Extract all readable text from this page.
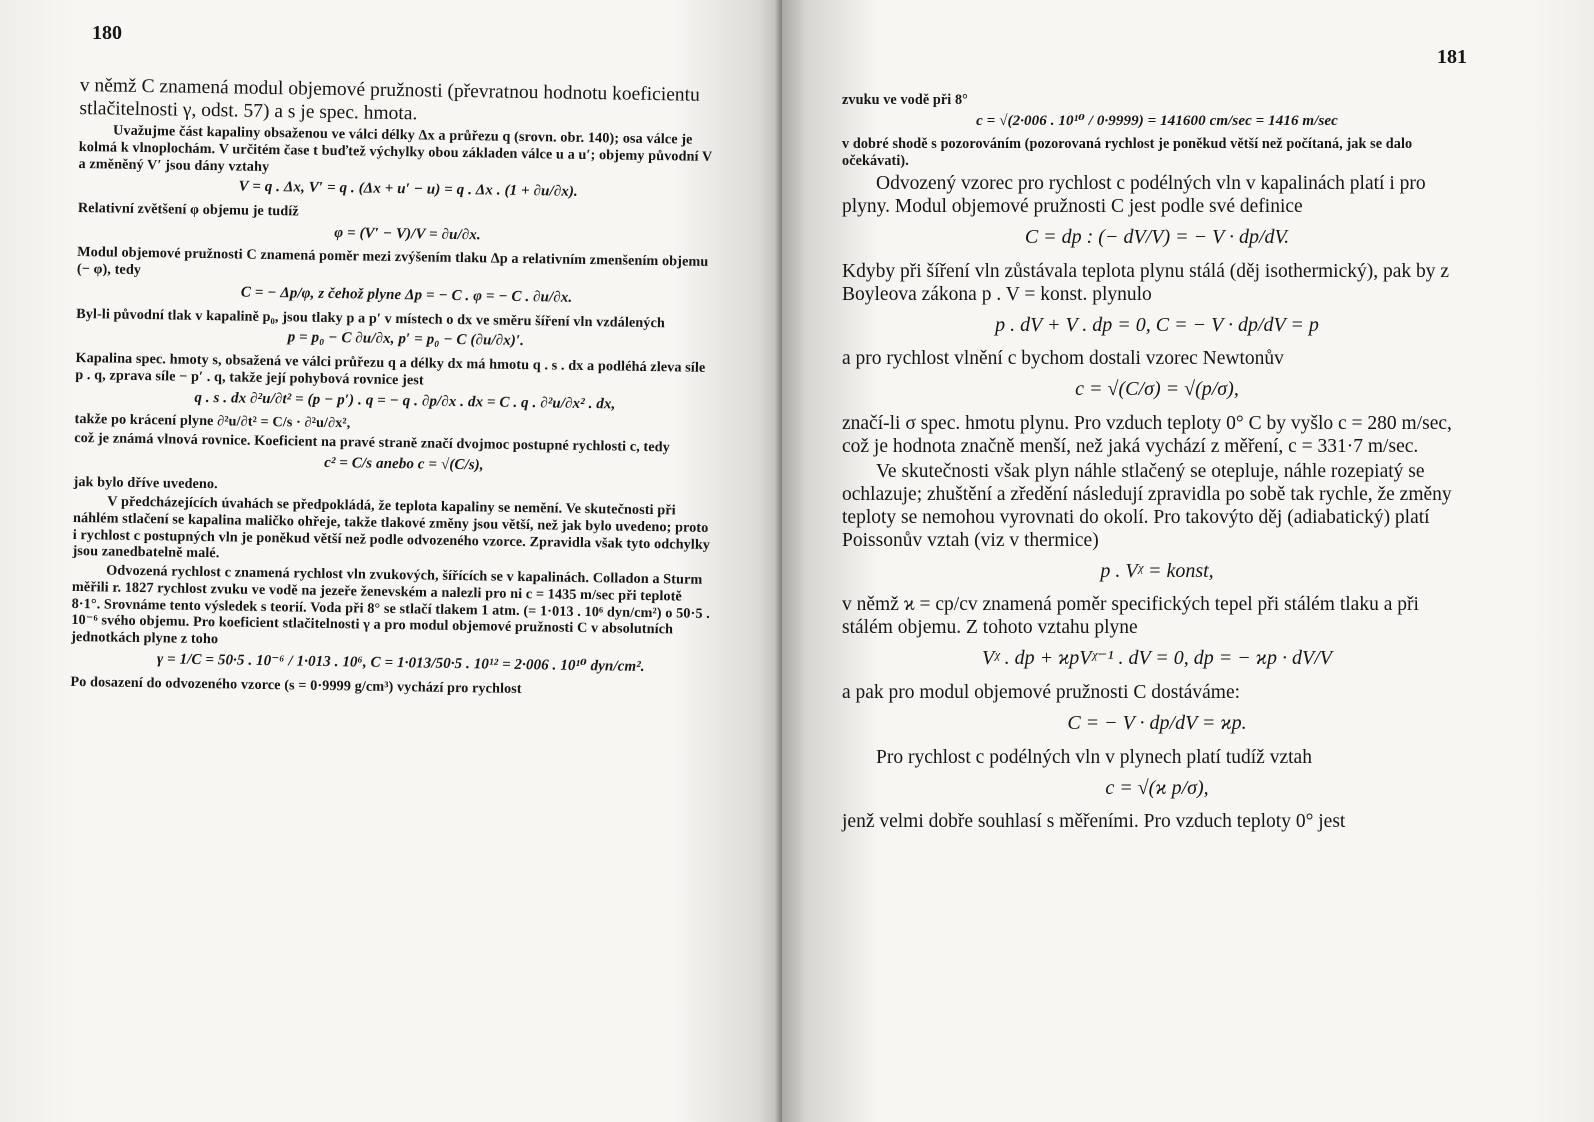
180

v němž C znamená modul objemové pružnosti (převratnou hodnotu koeficientu stlačitelnosti γ, odst. 57) a s je spec. hmota.

Uvažujme část kapaliny obsaženou ve válci délky Δx a průřezu q (srovn. obr. 140); osa válce je kolmá k vlnoplochám. V určitém čase t buďtež výchylky obou základen válce u a u′; objemy původní V a změněný V′ jsou dány vztahy

V = q . Δx, V′ = q . (Δx + u′ − u) = q . Δx . (1 + ∂u/∂x).

Relativní zvětšení φ objemu je tudíž

φ = (V′ − V)/V = ∂u/∂x.

Modul objemové pružnosti C znamená poměr mezi zvýšením tlaku Δp a relativním zmenšením objemu (− φ), tedy

C = − Δp/φ, z čehož plyne Δp = − C . φ = − C . ∂u/∂x.

Byl-li původní tlak v kapalině p₀, jsou tlaky p a p′ v místech o dx ve směru šíření vln vzdálených

p = p₀ − C ∂u/∂x, p′ = p₀ − C (∂u/∂x)′.

Kapalina spec. hmoty s, obsažená ve válci průřezu q a délky dx má hmotu q . s . dx a podléhá zleva síle p . q, zprava síle − p′ . q, takže její pohybová rovnice jest

q . s . dx ∂²u/∂t² = (p − p′) . q = − q . ∂p/∂x . dx = C . q . ∂²u/∂x² . dx,

takže po krácení plyne ∂²u/∂t² = C/s · ∂²u/∂x²,

což je známá vlnová rovnice. Koeficient na pravé straně značí dvojmoc postupné rychlosti c, tedy

c² = C/s anebo c = √(C/s),

jak bylo dříve uvedeno.

V předcházejících úvahách se předpokládá, že teplota kapaliny se nemění. Ve skutečnosti při náhlém stlačení se kapalina maličko ohřeje, takže tlakové změny jsou větší, než jak bylo uvedeno; proto i rychlost c postupných vln je poněkud větší než podle odvozeného vzorce. Zpravidla však tyto odchylky jsou zanedbatelně malé.

Odvozená rychlost c znamená rychlost vln zvukových, šířících se v kapalinách. Colladon a Sturm měřili r. 1827 rychlost zvuku ve vodě na jezeře ženevském a nalezli pro ni c = 1435 m/sec při teplotě 8·1°. Srovnáme tento výsledek s teorií. Voda při 8° se stlačí tlakem 1 atm. (= 1·013 . 10⁶ dyn/cm²) o 50·5 . 10⁻⁶ svého objemu. Pro koeficient stlačitelnosti γ a pro modul objemové pružnosti C v absolutních jednotkách plyne z toho

γ = 1/C = 50·5 . 10⁻⁶ / 1·013 . 10⁶, C = 1·013/50·5 . 10¹² = 2·006 . 10¹⁰ dyn/cm².

Po dosazení do odvozeného vzorce (s = 0·9999 g/cm³) vychází pro rychlost

181

zvuku ve vodě při 8°

c = √(2·006 . 10¹⁰ / 0·9999) = 141600 cm/sec = 1416 m/sec

v dobré shodě s pozorováním (pozorovaná rychlost je poněkud větší než počítaná, jak se dalo očekávati).

Odvozený vzorec pro rychlost c podélných vln v kapalinách platí i pro plyny. Modul objemové pružnosti C jest podle své definice

C = dp : (− dV/V) = − V · dp/dV.

Kdyby při šíření vln zůstávala teplota plynu stálá (děj isothermický), pak by z Boyleova zákona p . V = konst. plynulo

p . dV + V . dp = 0, C = − V · dp/dV = p

a pro rychlost vlnění c bychom dostali vzorec Newtonův

c = √(C/σ) = √(p/σ),

značí-li σ spec. hmotu plynu. Pro vzduch teploty 0° C by vyšlo c = 280 m/sec, což je hodnota značně menší, než jaká vychází z měření, c = 331·7 m/sec.

Ve skutečnosti však plyn náhle stlačený se otepluje, náhle rozepiatý se ochlazuje; zhuštění a zředění následují zpravidla po sobě tak rychle, že změny teploty se nemohou vyrovnati do okolí. Pro takovýto děj (adiabatický) platí Poissonův vztah (viz v thermice)

p . Vᵡ = konst,

v němž ϰ = cp/cv znamená poměr specifických tepel při stálém tlaku a při stálém objemu. Z tohoto vztahu plyne

Vᵡ . dp + ϰpVᵡ⁻¹ . dV = 0, dp = − ϰp · dV/V

a pak pro modul objemové pružnosti C dostáváme:

C = − V · dp/dV = ϰp.

Pro rychlost c podélných vln v plynech platí tudíž vztah

c = √(ϰ p/σ),

jenž velmi dobře souhlasí s měřeními. Pro vzduch teploty 0° jest
